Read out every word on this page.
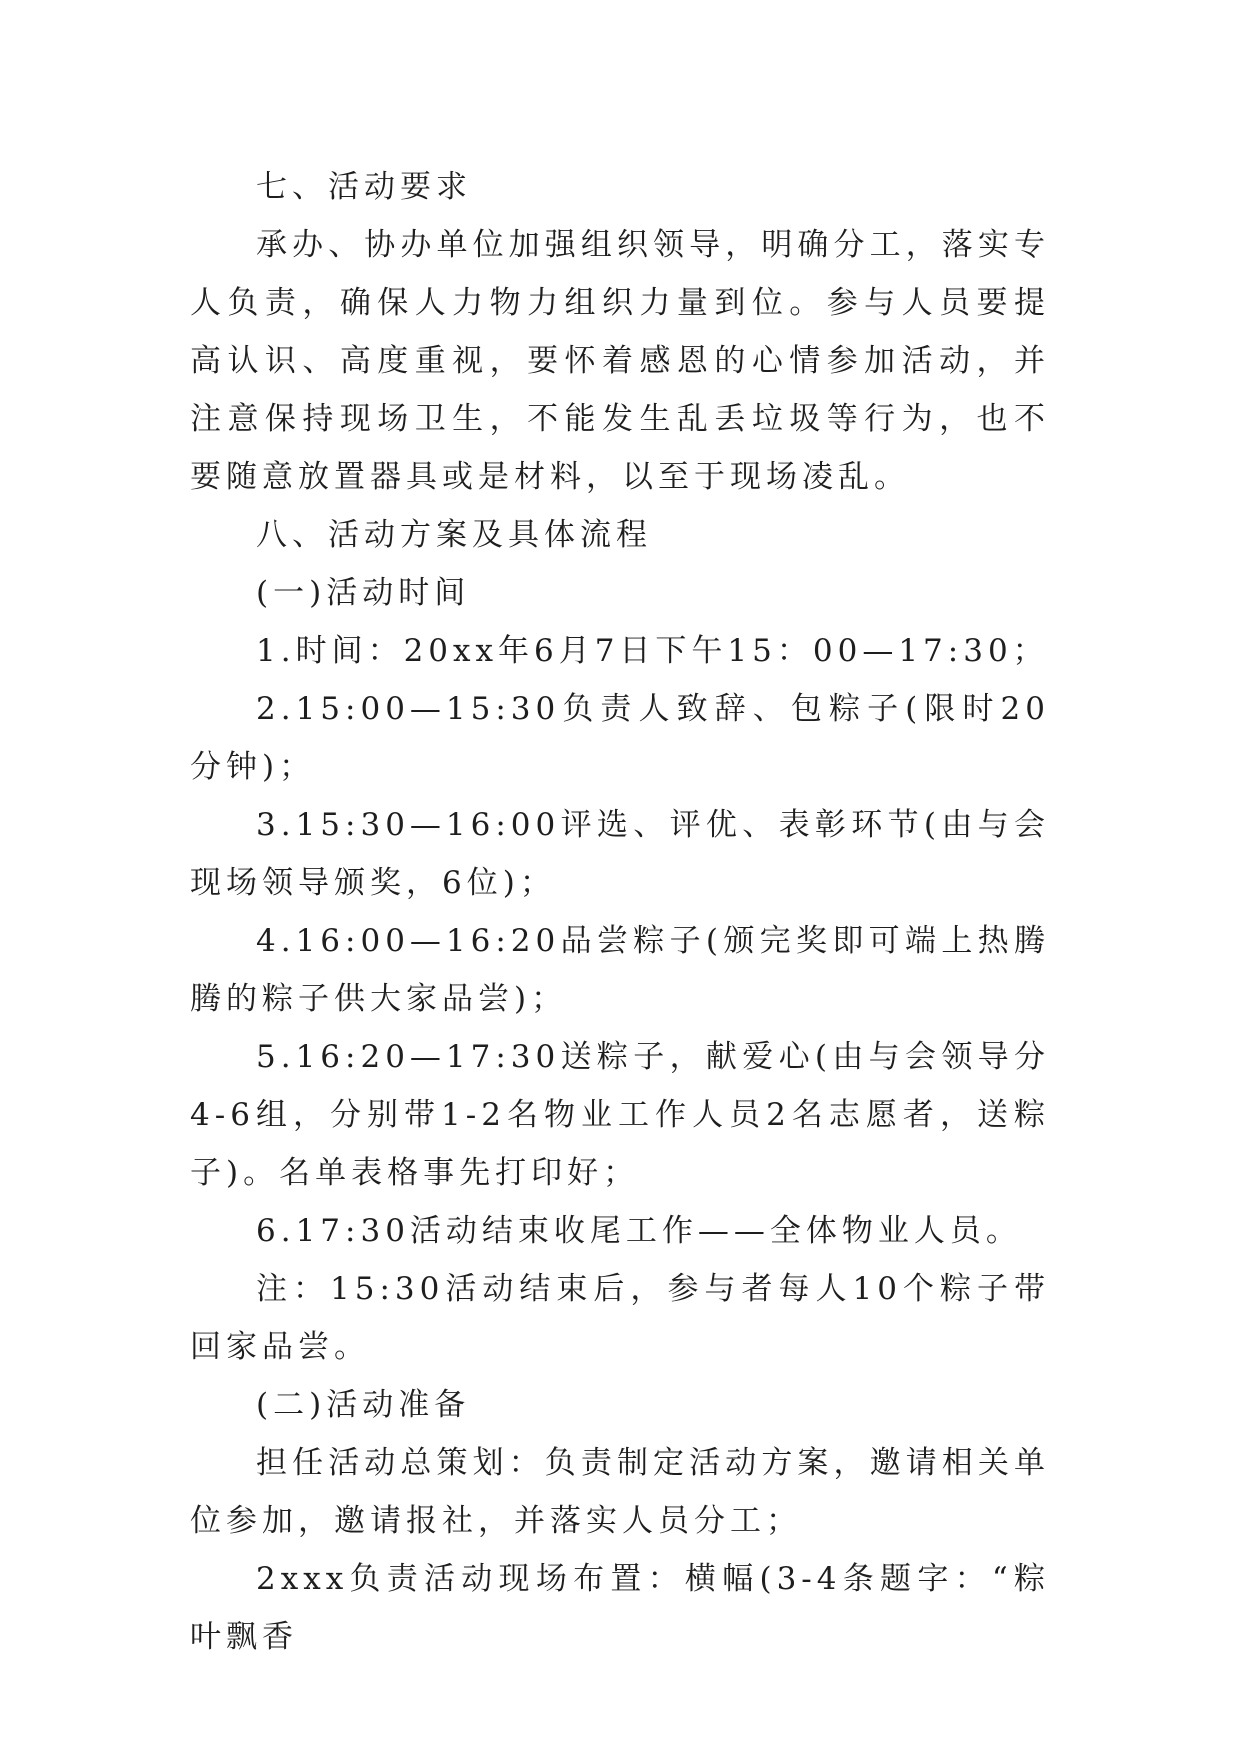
七、活动要求

承办、协办单位加强组织领导，明确分工，落实专人负责，确保人力物力组织力量到位。参与人员要提高认识、高度重视，要怀着感恩的心情参加活动，并注意保持现场卫生，不能发生乱丢垃圾等行为，也不要随意放置器具或是材料，以至于现场凌乱。

八、活动方案及具体流程

(一)活动时间

1.时间：20xx年6月7日下午15：00—17:30；

2.15:00—15:30负责人致辞、包粽子(限时20分钟)；

3.15:30—16:00评选、评优、表彰环节(由与会现场领导颁奖，6位)；

4.16:00—16:20品尝粽子(颁完奖即可端上热腾腾的粽子供大家品尝)；

5.16:20—17:30送粽子，献爱心(由与会领导分4-6组，分别带1-2名物业工作人员2名志愿者，送粽子)。名单表格事先打印好；

6.17:30活动结束收尾工作——全体物业人员。

注：15:30活动结束后，参与者每人10个粽子带回家品尝。

(二)活动准备

担任活动总策划：负责制定活动方案，邀请相关单位参加，邀请报社，并落实人员分工；

2xxx负责活动现场布置：横幅(3-4条题字：“粽叶飘香
